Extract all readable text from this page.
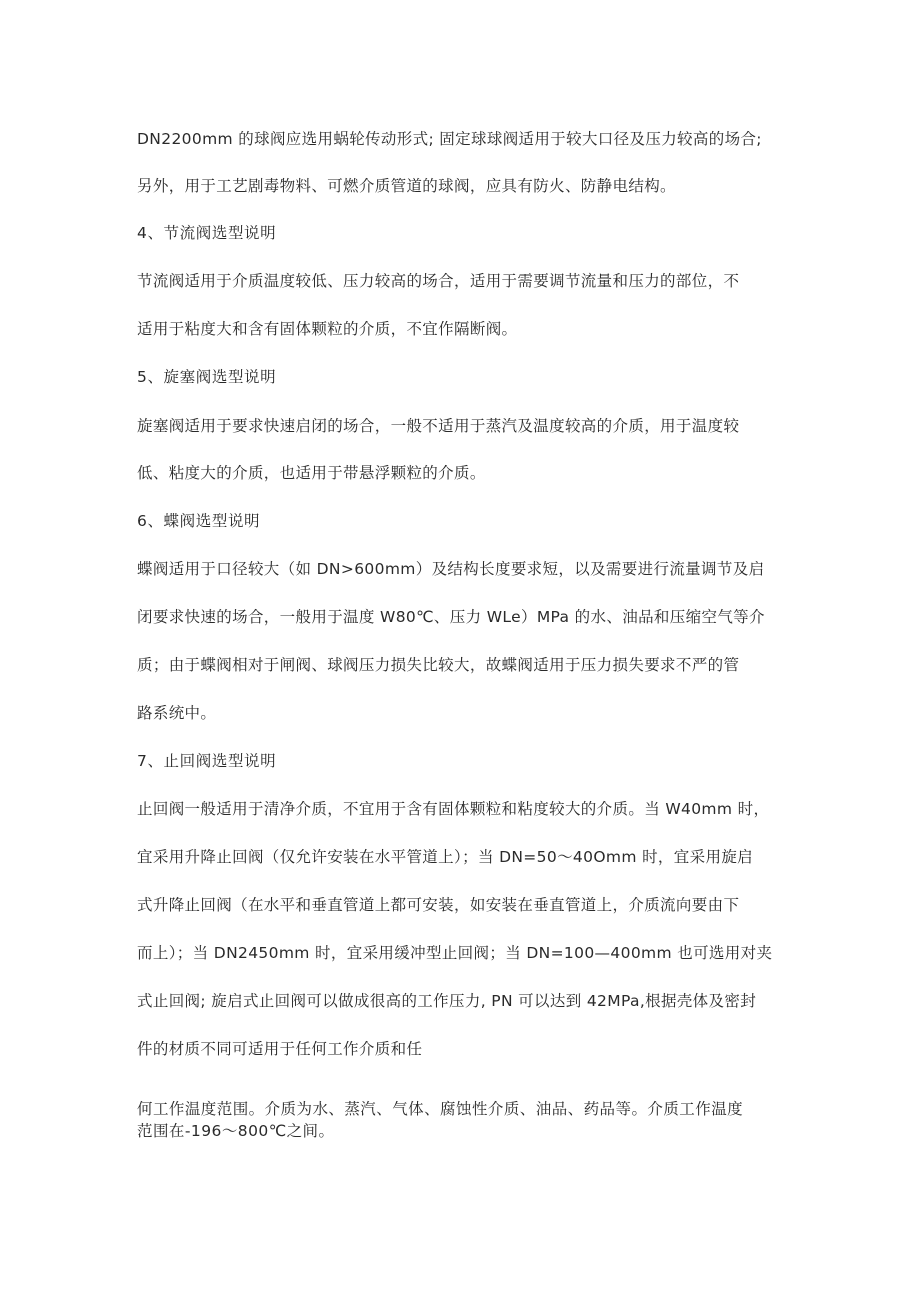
DN2200mm 的球阀应选用蜗轮传动形式; 固定球球阀适用于较大口径及压力较高的场合;
另外，用于工艺剧毒物料、可燃介质管道的球阀，应具有防火、防静电结构。
4、节流阀选型说明
节流阀适用于介质温度较低、压力较高的场合，适用于需要调节流量和压力的部位，不
适用于粘度大和含有固体颗粒的介质，不宜作隔断阀。
5、旋塞阀选型说明
旋塞阀适用于要求快速启闭的场合，一般不适用于蒸汽及温度较高的介质，用于温度较
低、粘度大的介质，也适用于带悬浮颗粒的介质。
6、蝶阀选型说明
蝶阀适用于口径较大（如 DN>600mm）及结构长度要求短，以及需要进行流量调节及启
闭要求快速的场合，一般用于温度 W80℃、压力 WLe）MPa 的水、油品和压缩空气等介
质；由于蝶阀相对于闸阀、球阀压力损失比较大，故蝶阀适用于压力损失要求不严的管
路系统中。
7、止回阀选型说明
止回阀一般适用于清净介质，不宜用于含有固体颗粒和粘度较大的介质。当 W40mm 时，
宜采用升降止回阀（仅允许安装在水平管道上）；当 DN=50～40Omm 时，宜采用旋启
式升降止回阀（在水平和垂直管道上都可安装，如安装在垂直管道上，介质流向要由下
而上）；当 DN2450mm 时，宜采用缓冲型止回阀；当 DN=100—400mm 也可选用对夹
式止回阀; 旋启式止回阀可以做成很高的工作压力, PN 可以达到 42MPa,根据壳体及密封
件的材质不同可适用于任何工作介质和任
何工作温度范围。介质为水、蒸汽、气体、腐蚀性介质、油品、药品等。介质工作温度
范围在-196～800℃之间。
